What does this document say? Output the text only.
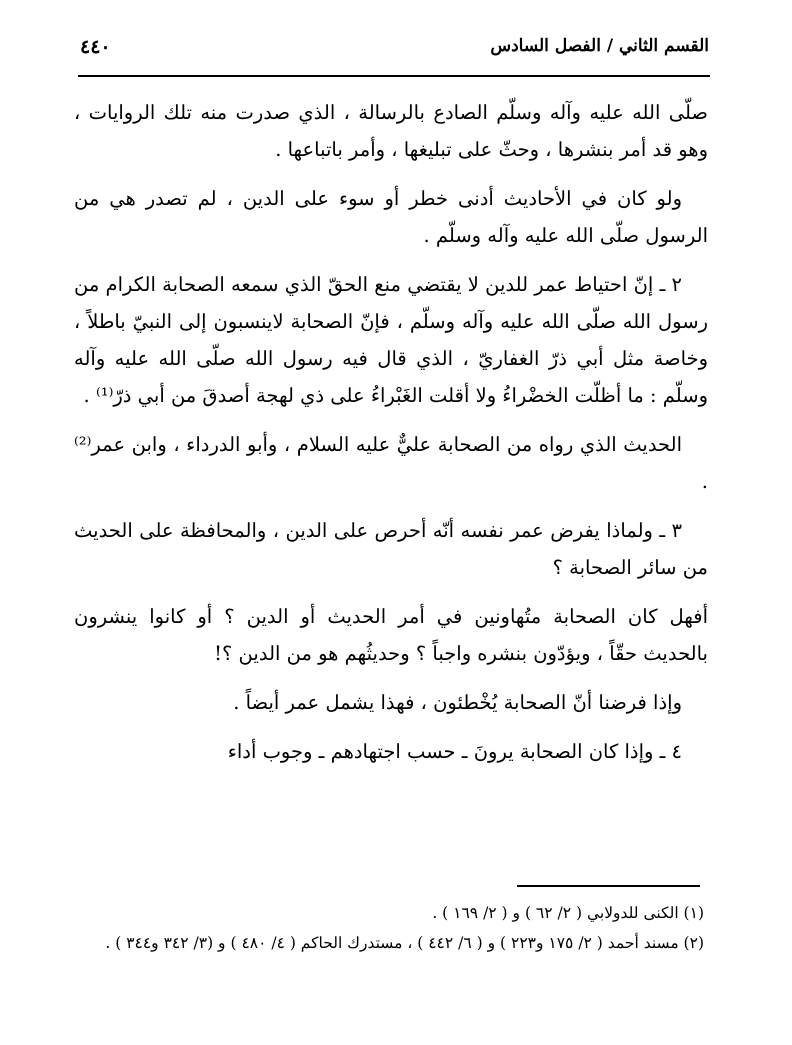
القسم الثاني / الفصل السادس
٤٤٠

صلّى الله عليه وآله وسلّم الصادع بالرسالة ، الذي صدرت منه تلك الروايات ، وهو قد أمر بنشرها ، وحثّ على تبليغها ، وأمر باتباعها .

ولو كان في الأحاديث أدنى خطر أو سوء على الدين ، لم تصدر هي من الرسول صلّى الله عليه وآله وسلّم .

٢ ـ إنّ احتياط عمر للدين لا يقتضي منع الحقّ الذي سمعه الصحابة الكرام من رسول الله صلّى الله عليه وآله وسلّم ، فإنّ الصحابة لاينسبون إلى النبيّ باطلاً ، وخاصة مثل أبي ذرّ الغفاريّ ، الذي قال فيه رسول الله صلّى الله عليه وآله وسلّم : ما أظلّت الخضْراءُ ولا أقلت الغَبْراءُ على ذي لهجة أصدقَ من أبي ذرّ⁽¹⁾ .

الحديث الذي رواه من الصحابة عليٌّ عليه السلام ، وأبو الدرداء ، وابن عمر⁽²⁾ .

٣ ـ ولماذا يفرض عمر نفسه أنّه أحرص على الدين ، والمحافظة على الحديث من سائر الصحابة ؟

أفهل كان الصحابة متُهاونين في أمر الحديث أو الدين ؟ أو كانوا ينشرون بالحديث حقّاً ، ويؤدّون بنشره واجباً ؟ وحديثُهم هو من الدين ؟!

وإذا فرضنا أنّ الصحابة يُخْطئون ، فهذا يشمل عمر أيضاً .

٤ ـ وإذا كان الصحابة يرونَ ـ حسب اجتهادهم ـ وجوب أداء

(١) الكنى للدولابي ( ٢/ ٦٢ ) و ( ٢/ ١٦٩ ) .

(٢) مسند أحمد ( ٢/ ١٧٥ و٢٢٣ ) و ( ٦/ ٤٤٢ ) ، مستدرك الحاكم ( ٤/ ٤٨٠ ) و (٣/ ٣٤٢ و٣٤٤ ) .
